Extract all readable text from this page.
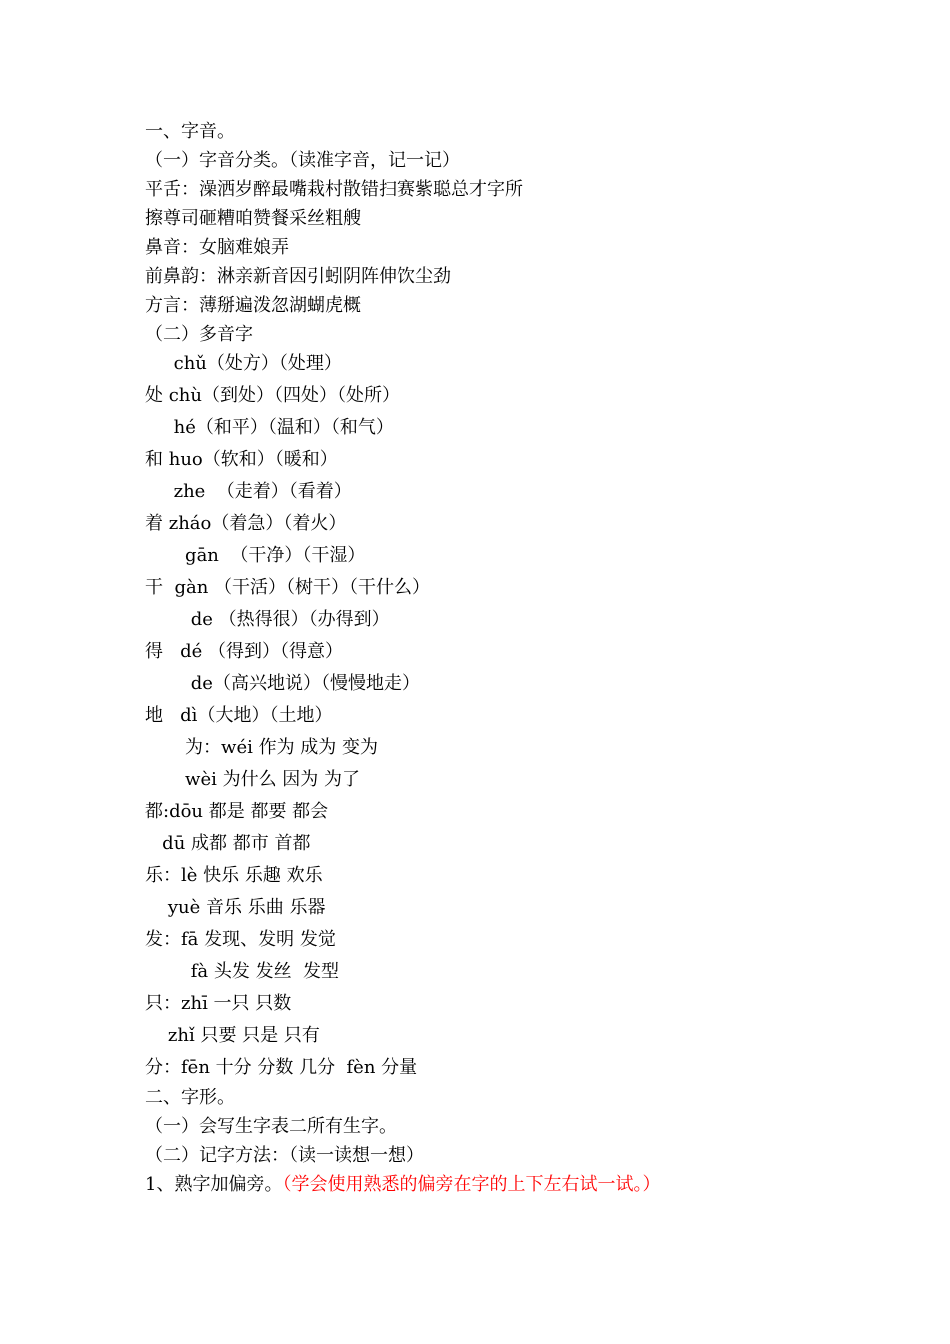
一、字音。

（一）字音分类。（读准字音，记一记）

平舌：澡洒岁醉最嘴栽村散错扫赛紫聪总才字所

擦尊司砸糟咱赞餐采丝粗艘

鼻音：女脑难娘弄

前鼻韵：淋亲新音因引蚓阴阵伸饮尘劲

方言：薄掰遍泼忽湖蝴虎概

（二）多音字

chǔ（处方）（处理）

处 chù（到处）（四处）（处所）

hé（和平）（温和）（和气）

和 huo（软和）（暖和）

zhe  （走着）（看着）

着 zháo（着急）（着火）

gān  （干净）（干湿）

干  gàn （干活）（树干）（干什么）

de （热得很）（办得到）

得   dé （得到）（得意）

de（高兴地说）（慢慢地走）

地   dì（大地）（土地）

为：wéi 作为 成为 变为

wèi 为什么 因为 为了

都:dōu 都是 都要 都会

dū 成都 都市 首都

乐：lè 快乐 乐趣 欢乐

yuè 音乐 乐曲 乐器

发：fā 发现、发明 发觉

fà 头发 发丝  发型

只：zhī 一只 只数

zhǐ 只要 只是 只有

分：fēn 十分 分数 几分  fèn 分量

二、字形。

（一）会写生字表二所有生字。

（二）记字方法：（读一读想一想）

1、熟字加偏旁。（学会使用熟悉的偏旁在字的上下左右试一试。）
